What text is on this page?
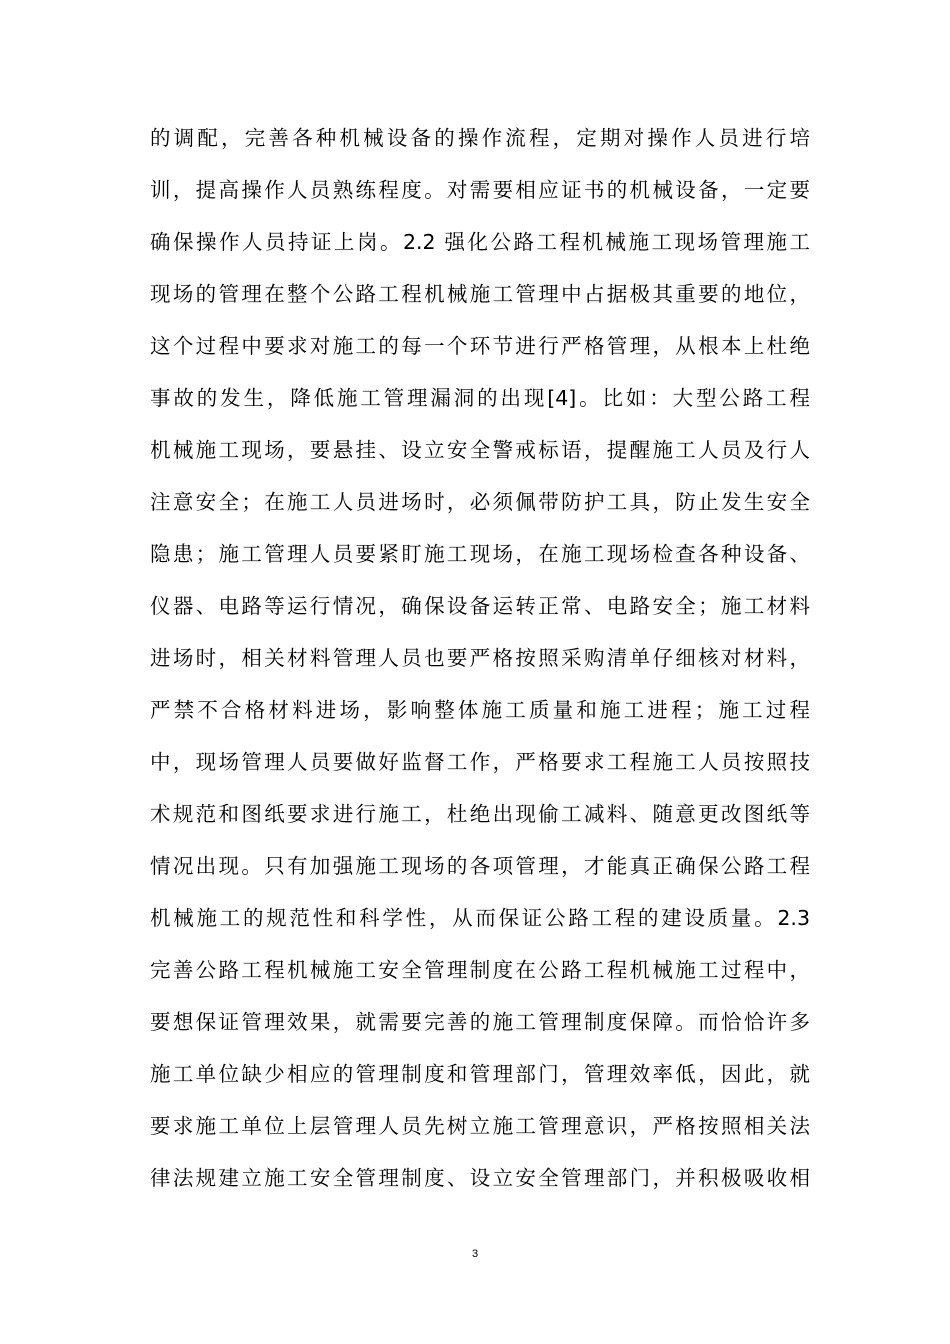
的调配，完善各种机械设备的操作流程，定期对操作人员进行培
训，提高操作人员熟练程度。对需要相应证书的机械设备，一定要
确保操作人员持证上岗。2.2 强化公路工程机械施工现场管理施工
现场的管理在整个公路工程机械施工管理中占据极其重要的地位，
这个过程中要求对施工的每一个环节进行严格管理，从根本上杜绝
事故的发生，降低施工管理漏洞的出现[4]。比如：大型公路工程
机械施工现场，要悬挂、设立安全警戒标语，提醒施工人员及行人
注意安全；在施工人员进场时，必须佩带防护工具，防止发生安全
隐患；施工管理人员要紧盯施工现场，在施工现场检查各种设备、
仪器、电路等运行情况，确保设备运转正常、电路安全；施工材料
进场时，相关材料管理人员也要严格按照采购清单仔细核对材料，
严禁不合格材料进场，影响整体施工质量和施工进程；施工过程
中，现场管理人员要做好监督工作，严格要求工程施工人员按照技
术规范和图纸要求进行施工，杜绝出现偷工减料、随意更改图纸等
情况出现。只有加强施工现场的各项管理，才能真正确保公路工程
机械施工的规范性和科学性，从而保证公路工程的建设质量。2.3
完善公路工程机械施工安全管理制度在公路工程机械施工过程中，
要想保证管理效果，就需要完善的施工管理制度保障。而恰恰许多
施工单位缺少相应的管理制度和管理部门，管理效率低，因此，就
要求施工单位上层管理人员先树立施工管理意识，严格按照相关法
律法规建立施工安全管理制度、设立安全管理部门，并积极吸收相
3
